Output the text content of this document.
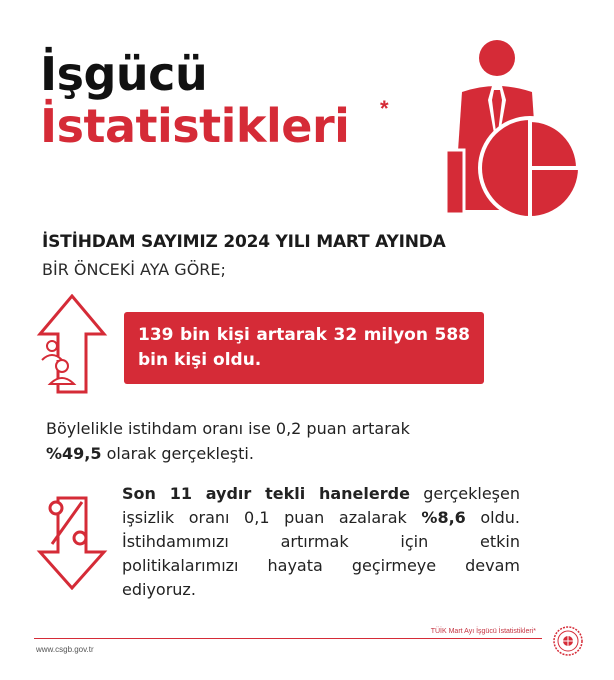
İşgücü
İstatistikleri *
İSTİHDAM SAYIMIZ 2024 YILI MART AYINDA
BİR ÖNCEKİ AYA GÖRE;
139 bin kişi artarak 32 milyon 588 bin kişi oldu.
Böylelikle istihdam oranı ise 0,2 puan artarak
%49,5 olarak gerçekleşti.
Son 11 aydır tekli hanelerde gerçekleşen işsizlik oranı 0,1 puan azalarak %8,6 oldu.
İstihdamımızı artırmak için etkin
politikalarımızı hayata geçirmeye devam
ediyoruz.
TÜİK Mart Ayı İşgücü İstatistikleri*
www.csgb.gov.tr
